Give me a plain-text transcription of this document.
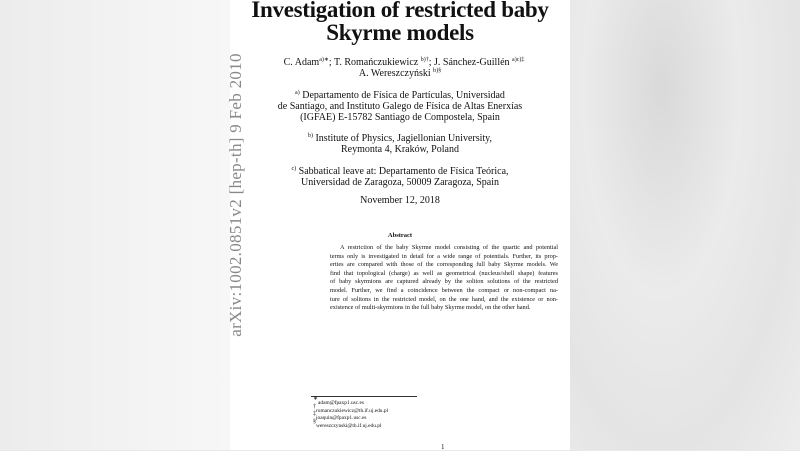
arXiv:1002.0851v2 [hep-th] 9 Feb 2010
Investigation of restricted baby
Skyrme models
C. Adam$^{a)∗}$; T. Romańczukiewicz $^{b)\dagger}$; J. Sánchez-Guillén $^{a)c)\ddagger}$
A. Wereszczyński $^{b)\S}$
$^{a)}$ Departamento de Física de Partículas, Universidad
de Santiago, and Instituto Galego de Física de Altas Enerxías
(IGFAE) E-15782 Santiago de Compostela, Spain
$^{b)}$ Institute of Physics, Jagiellonian University,
Reymonta 4, Kraków, Poland
$^{c)}$ Sabbatical leave at: Departamento de Física Teórica,
Universidad de Zaragoza, 50009 Zaragoza, Spain
November 12, 2018
Abstract
A restriction of the baby Skyrme model consisting of the quartic and potential
terms only is investigated in detail for a wide range of potentials. Further, its prop-
erties are compared with those of the corresponding full baby Skyrme models. We
find that topological (charge) as well as geometrical (nucleus/shell shape) features
of baby skyrmions are captured already by the soliton solutions of the restricted
model. Further, we find a coincidence between the compact or non-compact na-
ture of solitons in the restricted model, on the one hand, and the existence or non-
existence of multi-skyrmions in the full baby Skyrme model, on the other hand.
∗adam@fpaxp1.usc.es
†romanczukiewicz@th.if.uj.edu.pl
‡joaquin@fpaxp1.usc.es
§wereszczynski@th.if.uj.edu.pl
1
